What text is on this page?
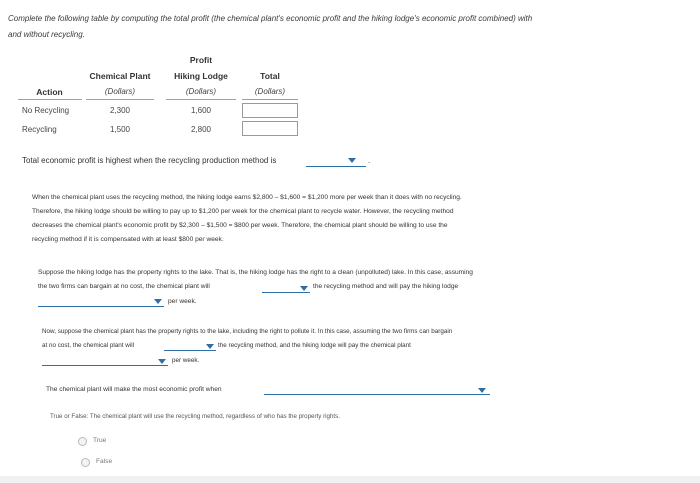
Complete the following table by computing the total profit (the chemical plant's economic profit and the hiking lodge's economic profit combined) with
and without recycling.
Profit
Chemical Plant	Hiking Lodge	Total
Action	(Dollars)	(Dollars)	(Dollars)
No Recycling	2,300	1,600
Recycling	1,500	2,800
Total economic profit is highest when the recycling production method is	.
When the chemical plant uses the recycling method, the hiking lodge earns $2,800 – $1,600 = $1,200 more per week than it does with no recycling.
Therefore, the hiking lodge should be willing to pay up to $1,200 per week for the chemical plant to recycle water. However, the recycling method
decreases the chemical plant's economic profit by $2,300 – $1,500 = $800 per week. Therefore, the chemical plant should be willing to use the
recycling method if it is compensated with at least $800 per week.
Suppose the hiking lodge has the property rights to the lake. That is, the hiking lodge has the right to a clean (unpolluted) lake. In this case, assuming
the two firms can bargain at no cost, the chemical plant will	the recycling method and will pay the hiking lodge
per week.
Now, suppose the chemical plant has the property rights to the lake, including the right to pollute it. In this case, assuming the two firms can bargain
at no cost, the chemical plant will	the recycling method, and the hiking lodge will pay the chemical plant
per week.
The chemical plant will make the most economic profit when
True or False: The chemical plant will use the recycling method, regardless of who has the property rights.
True
False
